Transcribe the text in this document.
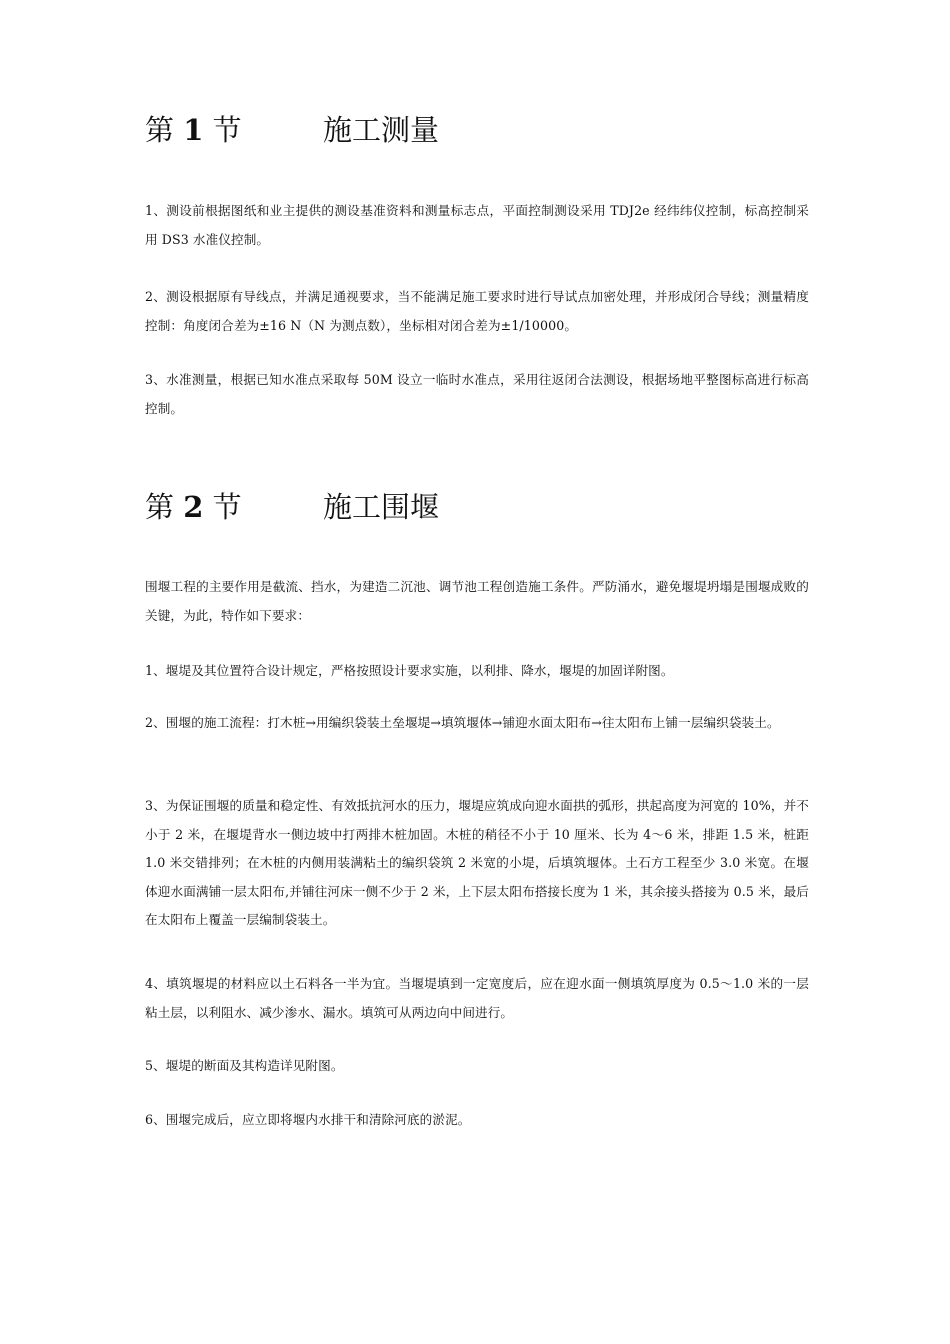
第 1 节	施工测量

1、测设前根据图纸和业主提供的测设基准资料和测量标志点，平面控制测设采用 TDJ2e 经纬纬仪控制，标高控制采用 DS3 水准仪控制。

2、测设根据原有导线点，并满足通视要求，当不能满足施工要求时进行导试点加密处理，并形成闭合导线；测量精度控制：角度闭合差为±16 N（N 为测点数），坐标相对闭合差为±1/10000。

3、水准测量，根据已知水准点采取每 50M 设立一临时水准点，采用往返闭合法测设，根据场地平整图标高进行标高控制。

第 2 节	施工围堰

围堰工程的主要作用是截流、挡水，为建造二沉池、调节池工程创造施工条件。严防涌水，避免堰堤坍塌是围堰成败的关键，为此，特作如下要求：

1、堰堤及其位置符合设计规定，严格按照设计要求实施，以利排、降水，堰堤的加固详附图。

2、围堰的施工流程：打木桩→用编织袋装土垒堰堤→填筑堰体→铺迎水面太阳布→往太阳布上铺一层编织袋装土。

3、为保证围堰的质量和稳定性、有效抵抗河水的压力，堰堤应筑成向迎水面拱的弧形，拱起高度为河宽的 10%，并不小于 2 米，在堰堤背水一侧边坡中打两排木桩加固。木桩的稍径不小于 10 厘米、长为 4～6 米，排距 1.5 米，桩距 1.0 米交错排列；在木桩的内侧用装满粘土的编织袋筑 2 米宽的小堤，后填筑堰体。土石方工程至少 3.0 米宽。在堰体迎水面满铺一层太阳布,并铺往河床一侧不少于 2 米，上下层太阳布搭接长度为 1 米，其余接头搭接为 0.5 米，最后在太阳布上覆盖一层编制袋装土。

4、填筑堰堤的材料应以土石料各一半为宜。当堰堤填到一定宽度后，应在迎水面一侧填筑厚度为 0.5～1.0 米的一层粘土层，以利阻水、减少渗水、漏水。填筑可从两边向中间进行。

5、堰堤的断面及其构造详见附图。

6、围堰完成后，应立即将堰内水排干和清除河底的淤泥。
